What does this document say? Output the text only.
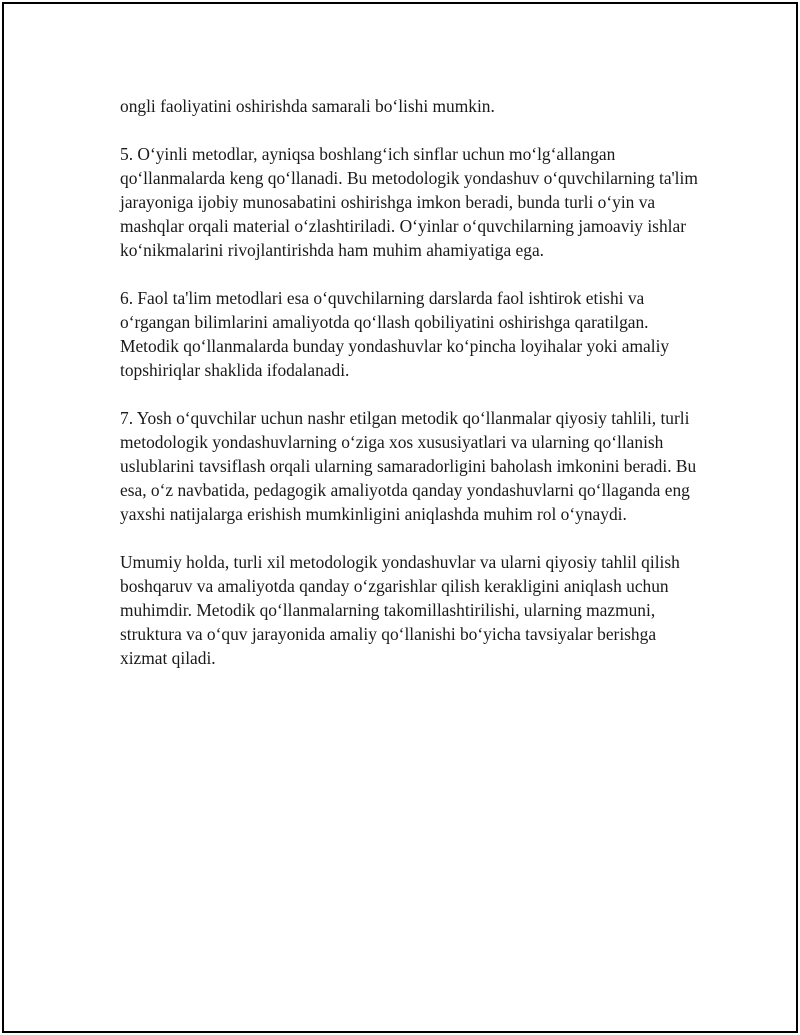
ongli faoliyatini oshirishda samarali bo‘lishi mumkin.

5. O‘yinli metodlar, ayniqsa boshlang‘ich sinflar uchun mo‘lg‘allangan qo‘llanmalarda keng qo‘llanadi. Bu metodologik yondashuv o‘quvchilarning ta'lim jarayoniga ijobiy munosabatini oshirishga imkon beradi, bunda turli o‘yin va mashqlar orqali material o‘zlashtiriladi. O‘yinlar o‘quvchilarning jamoaviy ishlar ko‘nikmalarini rivojlantirishda ham muhim ahamiyatiga ega.

6. Faol ta'lim metodlari esa o‘quvchilarning darslarda faol ishtirok etishi va o‘rgangan bilimlarini amaliyotda qo‘llash qobiliyatini oshirishga qaratilgan. Metodik qo‘llanmalarda bunday yondashuvlar ko‘pincha loyihalar yoki amaliy topshiriqlar shaklida ifodalanadi.

7. Yosh o‘quvchilar uchun nashr etilgan metodik qo‘llanmalar qiyosiy tahlili, turli metodologik yondashuvlarning o‘ziga xos xususiyatlari va ularning qo‘llanish uslublarini tavsiflash orqali ularning samaradorligini baholash imkonini beradi. Bu esa, o‘z navbatida, pedagogik amaliyotda qanday yondashuvlarni qo‘llaganda eng yaxshi natijalarga erishish mumkinligini aniqlashda muhim rol o‘ynaydi.

Umumiy holda, turli xil metodologik yondashuvlar va ularni qiyosiy tahlil qilish boshqaruv va amaliyotda qanday o‘zgarishlar qilish kerakligini aniqlash uchun muhimdir. Metodik qo‘llanmalarning takomillashtirilishi, ularning mazmuni, struktura va o‘quv jarayonida amaliy qo‘llanishi bo‘yicha tavsiyalar berishga xizmat qiladi.
